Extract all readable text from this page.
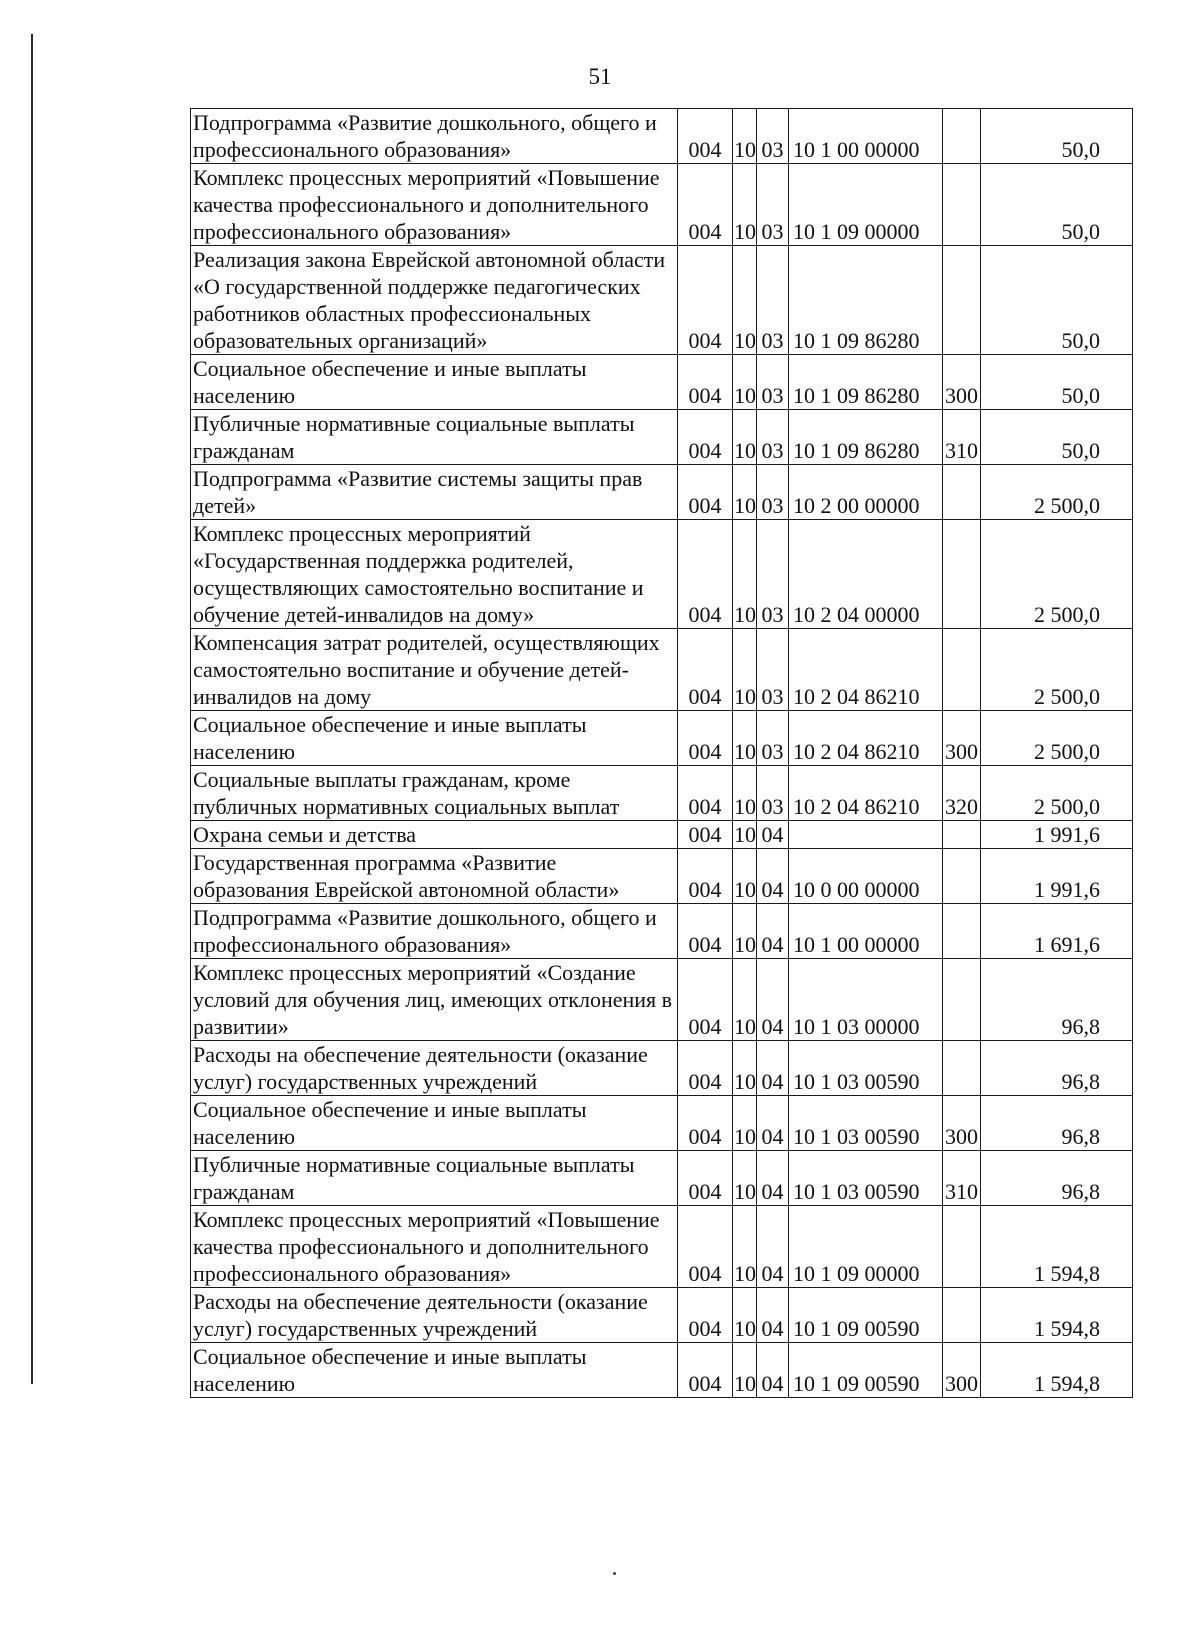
51
Подпрограмма «Развитие дошкольного, общего и профессионального образования»	004	10	03	10 1 00 00000		50,0
Комплекс процессных мероприятий «Повышение качества профессионального и дополнительного профессионального образования»	004	10	03	10 1 09 00000		50,0
Реализация закона Еврейской автономной области «О государственной поддержке педагогических работников областных профессиональных образовательных организаций»	004	10	03	10 1 09 86280		50,0
Социальное обеспечение и иные выплаты населению	004	10	03	10 1 09 86280	300	50,0
Публичные нормативные социальные выплаты гражданам	004	10	03	10 1 09 86280	310	50,0
Подпрограмма «Развитие системы защиты прав детей»	004	10	03	10 2 00 00000		2 500,0
Комплекс процессных мероприятий «Государственная поддержка родителей, осуществляющих самостоятельно воспитание и обучение детей-инвалидов на дому»	004	10	03	10 2 04 00000		2 500,0
Компенсация затрат родителей, осуществляющих самостоятельно воспитание и обучение детей-инвалидов на дому	004	10	03	10 2 04 86210		2 500,0
Социальное обеспечение и иные выплаты населению	004	10	03	10 2 04 86210	300	2 500,0
Социальные выплаты гражданам, кроме публичных нормативных социальных выплат	004	10	03	10 2 04 86210	320	2 500,0
Охрана семьи и детства	004	10	04			1 991,6
Государственная программа «Развитие образования Еврейской автономной области»	004	10	04	10 0 00 00000		1 991,6
Подпрограмма «Развитие дошкольного, общего и профессионального образования»	004	10	04	10 1 00 00000		1 691,6
Комплекс процессных мероприятий «Создание условий для обучения лиц, имеющих отклонения в развитии»	004	10	04	10 1 03 00000		96,8
Расходы на обеспечение деятельности (оказание услуг) государственных учреждений	004	10	04	10 1 03 00590		96,8
Социальное обеспечение и иные выплаты населению	004	10	04	10 1 03 00590	300	96,8
Публичные нормативные социальные выплаты гражданам	004	10	04	10 1 03 00590	310	96,8
Комплекс процессных мероприятий «Повышение качества профессионального и дополнительного профессионального образования»	004	10	04	10 1 09 00000		1 594,8
Расходы на обеспечение деятельности (оказание услуг) государственных учреждений	004	10	04	10 1 09 00590		1 594,8
Социальное обеспечение и иные выплаты населению	004	10	04	10 1 09 00590	300	1 594,8
